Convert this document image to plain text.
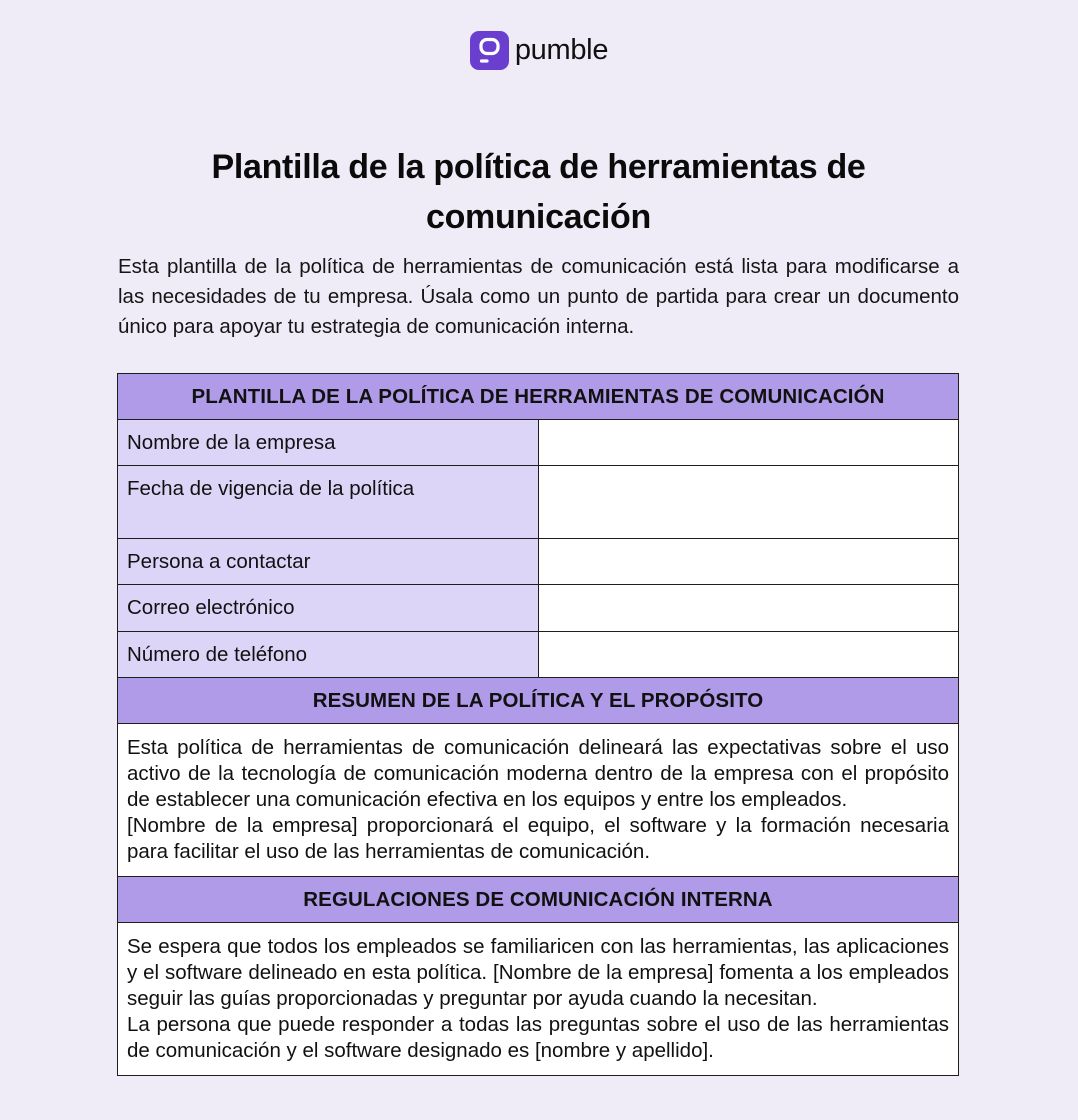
pumble
Plantilla de la política de herramientas de comunicación

Esta plantilla de la política de herramientas de comunicación está lista para modificarse a las necesidades de tu empresa. Úsala como un punto de partida para crear un documento único para apoyar tu estrategia de comunicación interna.

PLANTILLA DE LA POLÍTICA DE HERRAMIENTAS DE COMUNICACIÓN	
Nombre de la empresa	
Fecha de vigencia de la política	
Persona a contactar	
Correo electrónico	
Número de teléfono	
RESUMEN DE LA POLÍTICA Y EL PROPÓSITO	

Esta política de herramientas de comunicación delineará las expectativas sobre el uso activo de la tecnología de comunicación moderna dentro de la empresa con el propósito de establecer una comunicación efectiva en los equipos y entre los empleados.

[Nombre de la empresa] proporcionará el equipo, el software y la formación necesaria para facilitar el uso de las herramientas de comunicación.	

REGULACIONES DE COMUNICACIÓN INTERNA	

Se espera que todos los empleados se familiaricen con las herramientas, las aplicaciones y el software delineado en esta política. [Nombre de la empresa] fomenta a los empleados seguir las guías proporcionadas y preguntar por ayuda cuando la necesitan.

La persona que puede responder a todas las preguntas sobre el uso de las herramientas de comunicación y el software designado es [nombre y apellido].	
